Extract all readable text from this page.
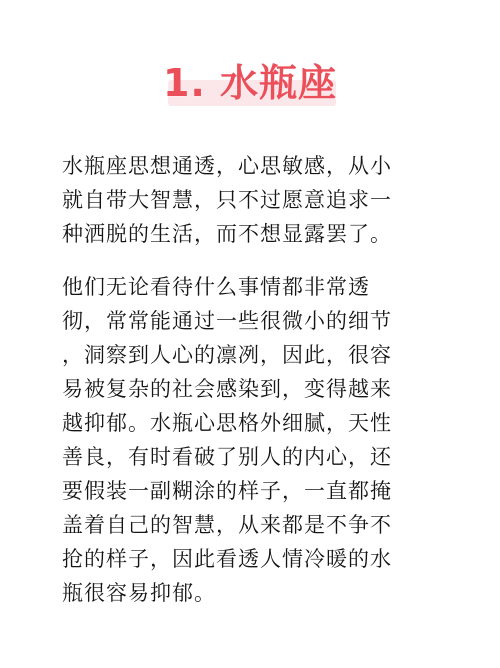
1. 水瓶座
水瓶座思想通透，心思敏感，从小
就自带大智慧，只不过愿意追求一
种洒脱的生活，而不想显露罢了。
他们无论看待什么事情都非常透
彻，常常能通过一些很微小的细节
，洞察到人心的凛冽，因此，很容
易被复杂的社会感染到，变得越来
越抑郁。水瓶心思格外细腻，天性
善良，有时看破了别人的内心，还
要假装一副糊涂的样子，一直都掩
盖着自己的智慧，从来都是不争不
抢的样子，因此看透人情冷暖的水
瓶很容易抑郁。
